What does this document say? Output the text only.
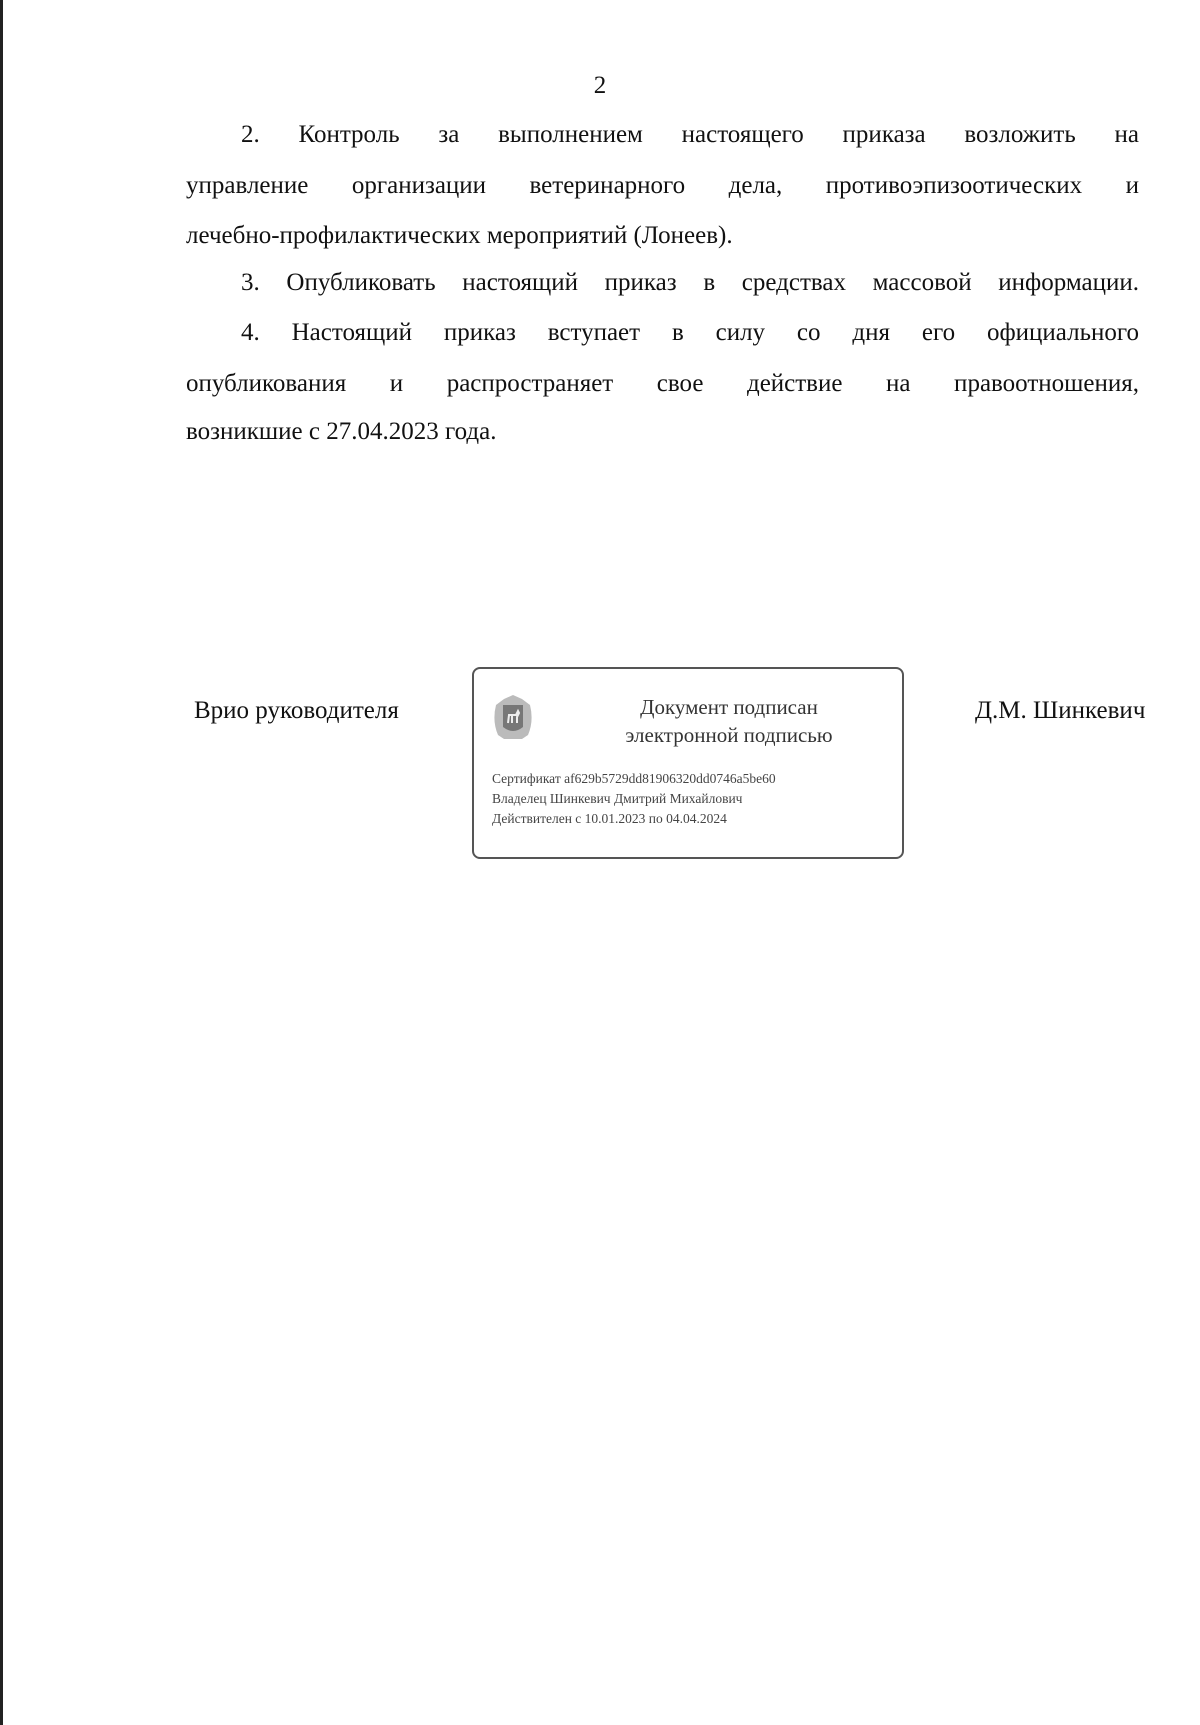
2
2. Контроль за выполнением настоящего приказа возложить на
управление организации ветеринарного дела, противоэпизоотических и
лечебно-профилактических мероприятий (Лонеев).
3. Опубликовать настоящий приказ в средствах массовой информации.
4. Настоящий приказ вступает в силу со дня его официального
опубликования и распространяет свое действие на правоотношения,
возникшие с 27.04.2023 года.
Врио руководителя	Документ подписан
электронной подписью
Сертификат af629b5729dd81906320dd0746a5be60
Владелец Шинкевич Дмитрий Михайлович
Действителен с 10.01.2023 по 04.04.2024
Д.М. Шинкевич
